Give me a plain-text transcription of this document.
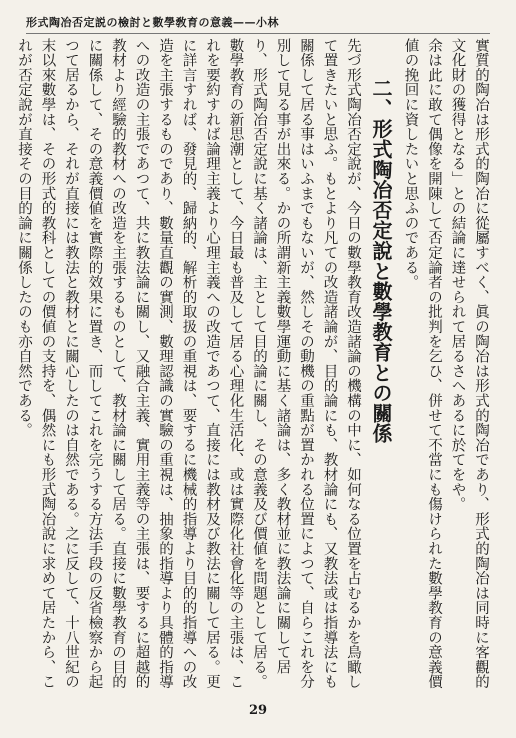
形式陶冶否定説の檢討と數學敎育の意義——小林

實質的陶冶は形式的陶冶に從屬すべく、眞の陶冶は形式的陶冶であり、形式的陶冶は同時に客觀的文化財の獲得となる」との結論に達せられて居るさへあるに於てをや。

余は此に敢て偶像を開陳して否定論者の批判を乞ひ、併せて不當にも傷けられた數學教育の意義價値の挽回に資したいと思ふのである。

二、形式陶冶否定說と數學教育との關係

先づ形式陶冶否定說が、今日の數學教育改造諸論の機構の中に、如何なる位置を占むるかを鳥瞰して置きたいと思ふ。もとより凡ての改造諸論が、目的論にも、教材論にも、又教法或は指導法にも關係して居る事はいふまでもないが、然しその動機の重點が置かれる位置によつて、自らこれを分別して見る事が出來る。かの所謂新主義數學運動に基く諸論は、多く教材並に教法論に關して居り、形式陶冶否定說に基く諸論は、主として目的論に關し、その意義及び價値を問題として居る。

數學教育の新思潮として、今日最も普及して居る心理化生活化、或は實際化社會化等の主張は、これを要約すれば論理主義より心理主義への改造であつて、直接には教材及び教法に關して居る。更に詳言すれば、發見的、歸納的、解析的取扱の重視は、要するに機械的指導より目的的指導への改造を主張するものであり、數量直觀の實測、數理認識の實驗の重視は、抽象的指導より具體的指導への改造の主張であつて、共に教法論に關し、又融合主義、實用主義等の主張は、要するに超越的教材より經驗的教材への改造を主張するものとして、教材論に關して居る。直接に數學教育の目的に關係して、その意義價値を實際的效果に置き、而してこれを完うする方法手段の反省檢察から起つて居るから、それが直接には教法と教材とに關心したのは自然である。之に反して、十八世紀の末以來數學は、その形式的教科としての價値の支持を、偶然にも形式陶冶說に求めて居たから、これが否定說が直接その目的論に關係したのも亦自然である。

29
